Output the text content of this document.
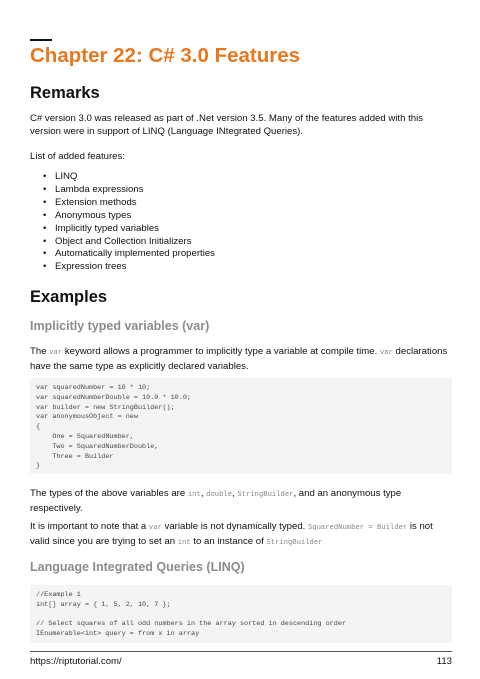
Chapter 22: C# 3.0 Features
Remarks
C# version 3.0 was released as part of .Net version 3.5. Many of the features added with this version were in support of LINQ (Language INtegrated Queries).
List of added features:
• LINQ
• Lambda expressions
• Extension methods
• Anonymous types
• Implicitly typed variables
• Object and Collection Initializers
• Automatically implemented properties
• Expression trees
Examples
Implicitly typed variables (var)
The var keyword allows a programmer to implicitly type a variable at compile time. var declarations have the same type as explicitly declared variables.
var squaredNumber = 10 * 10;
var squaredNumberDouble = 10.0 * 10.0;
var builder = new StringBuilder();
var anonymousObject = new
{
One = SquaredNumber,
Two = SquaredNumberDouble,
Three = Builder
}
The types of the above variables are int, double, StringBuilder, and an anonymous type respectively.
It is important to note that a var variable is not dynamically typed. SquaredNumber = Builder is not valid since you are trying to set an int to an instance of StringBuilder
Language Integrated Queries (LINQ)
//Example 1
int[] array = { 1, 5, 2, 10, 7 };
// Select squares of all odd numbers in the array sorted in descending order
IEnumerable<int> query = from x in array
https://riptutorial.com/	113
